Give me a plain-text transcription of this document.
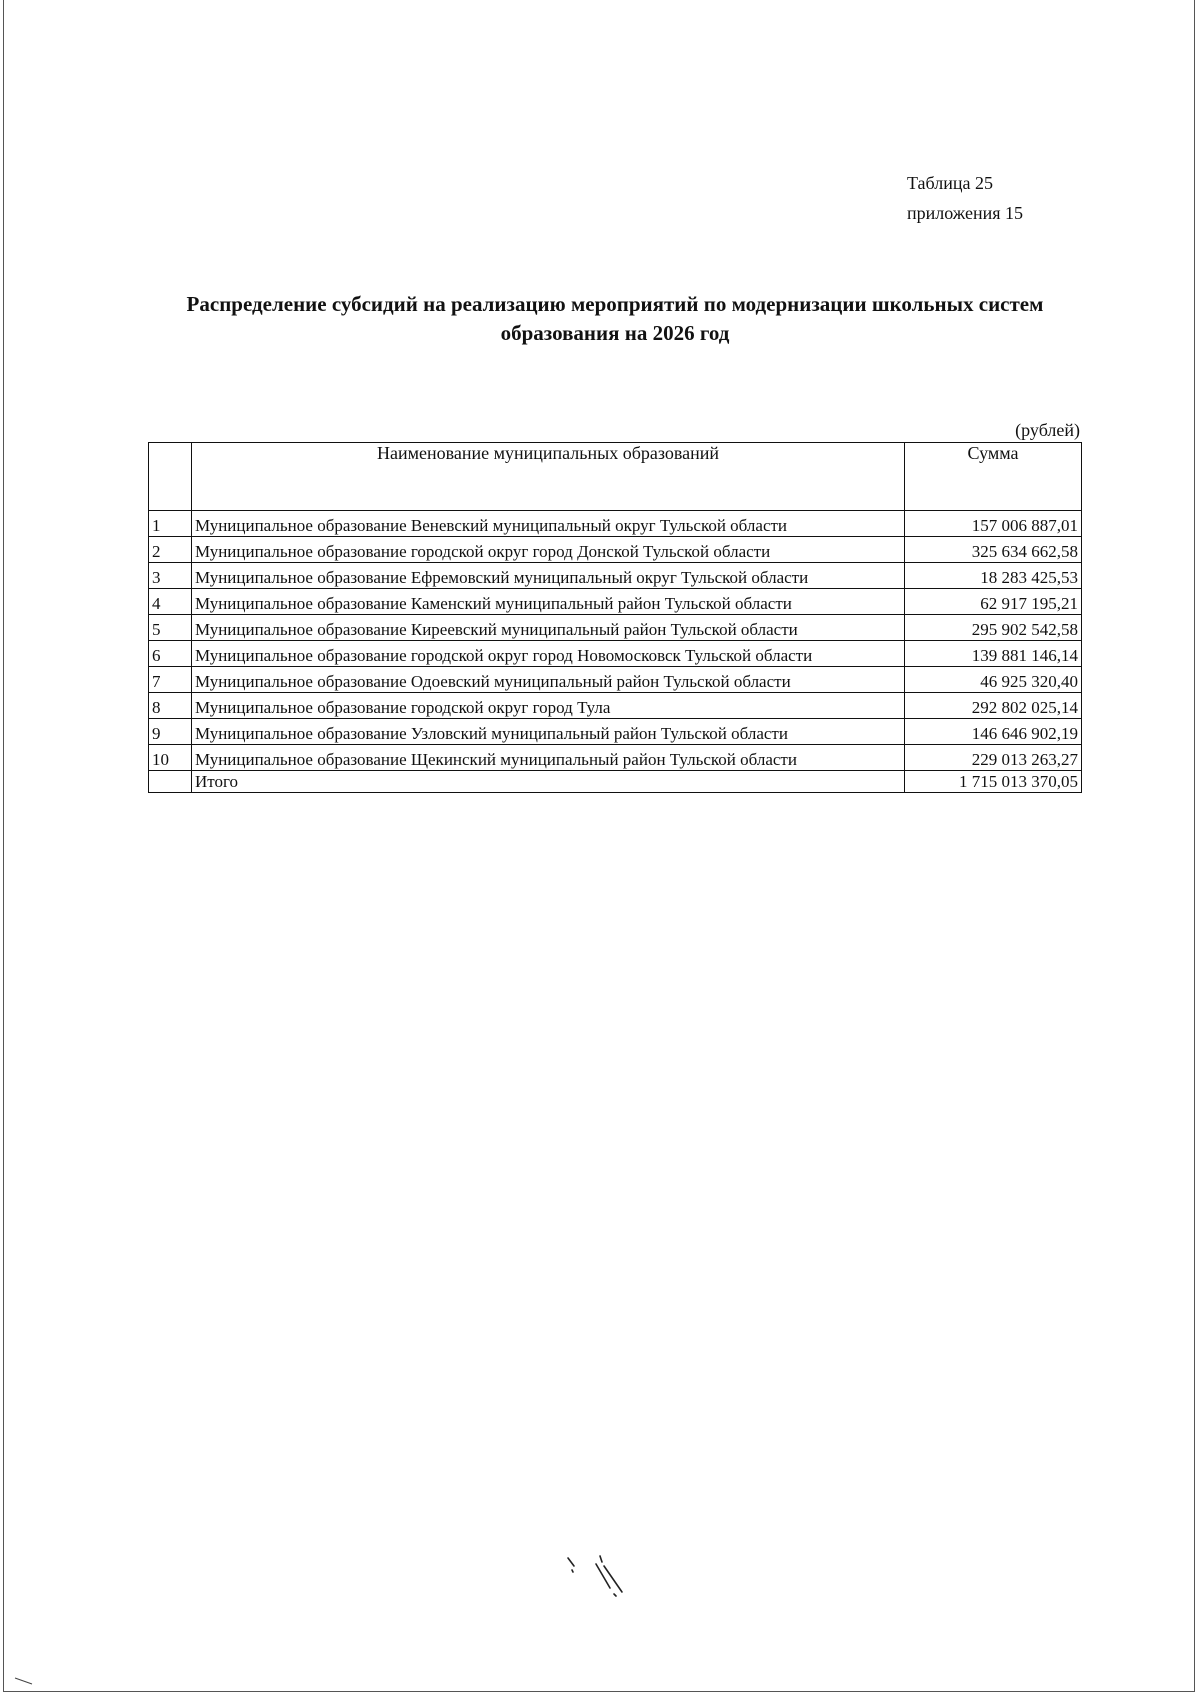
Таблица 25
приложения 15
Распределение субсидий на реализацию мероприятий по модернизации школьных систем образования на 2026 год
(рублей)
	Наименование муниципальных образований	Сумма
1	Муниципальное образование Веневский муниципальный округ Тульской области	157 006 887,01
2	Муниципальное образование городской округ город Донской Тульской области	325 634 662,58
3	Муниципальное образование Ефремовский муниципальный округ Тульской области	18 283 425,53
4	Муниципальное образование Каменский муниципальный район Тульской области	62 917 195,21
5	Муниципальное образование Киреевский муниципальный район Тульской области	295 902 542,58
6	Муниципальное образование городской округ город Новомосковск Тульской области	139 881 146,14
7	Муниципальное образование Одоевский муниципальный район Тульской области	46 925 320,40
8	Муниципальное образование городской округ город Тула	292 802 025,14
9	Муниципальное образование Узловский муниципальный район Тульской области	146 646 902,19
10	Муниципальное образование Щекинский муниципальный район Тульской области	229 013 263,27
	Итого	1 715 013 370,05
